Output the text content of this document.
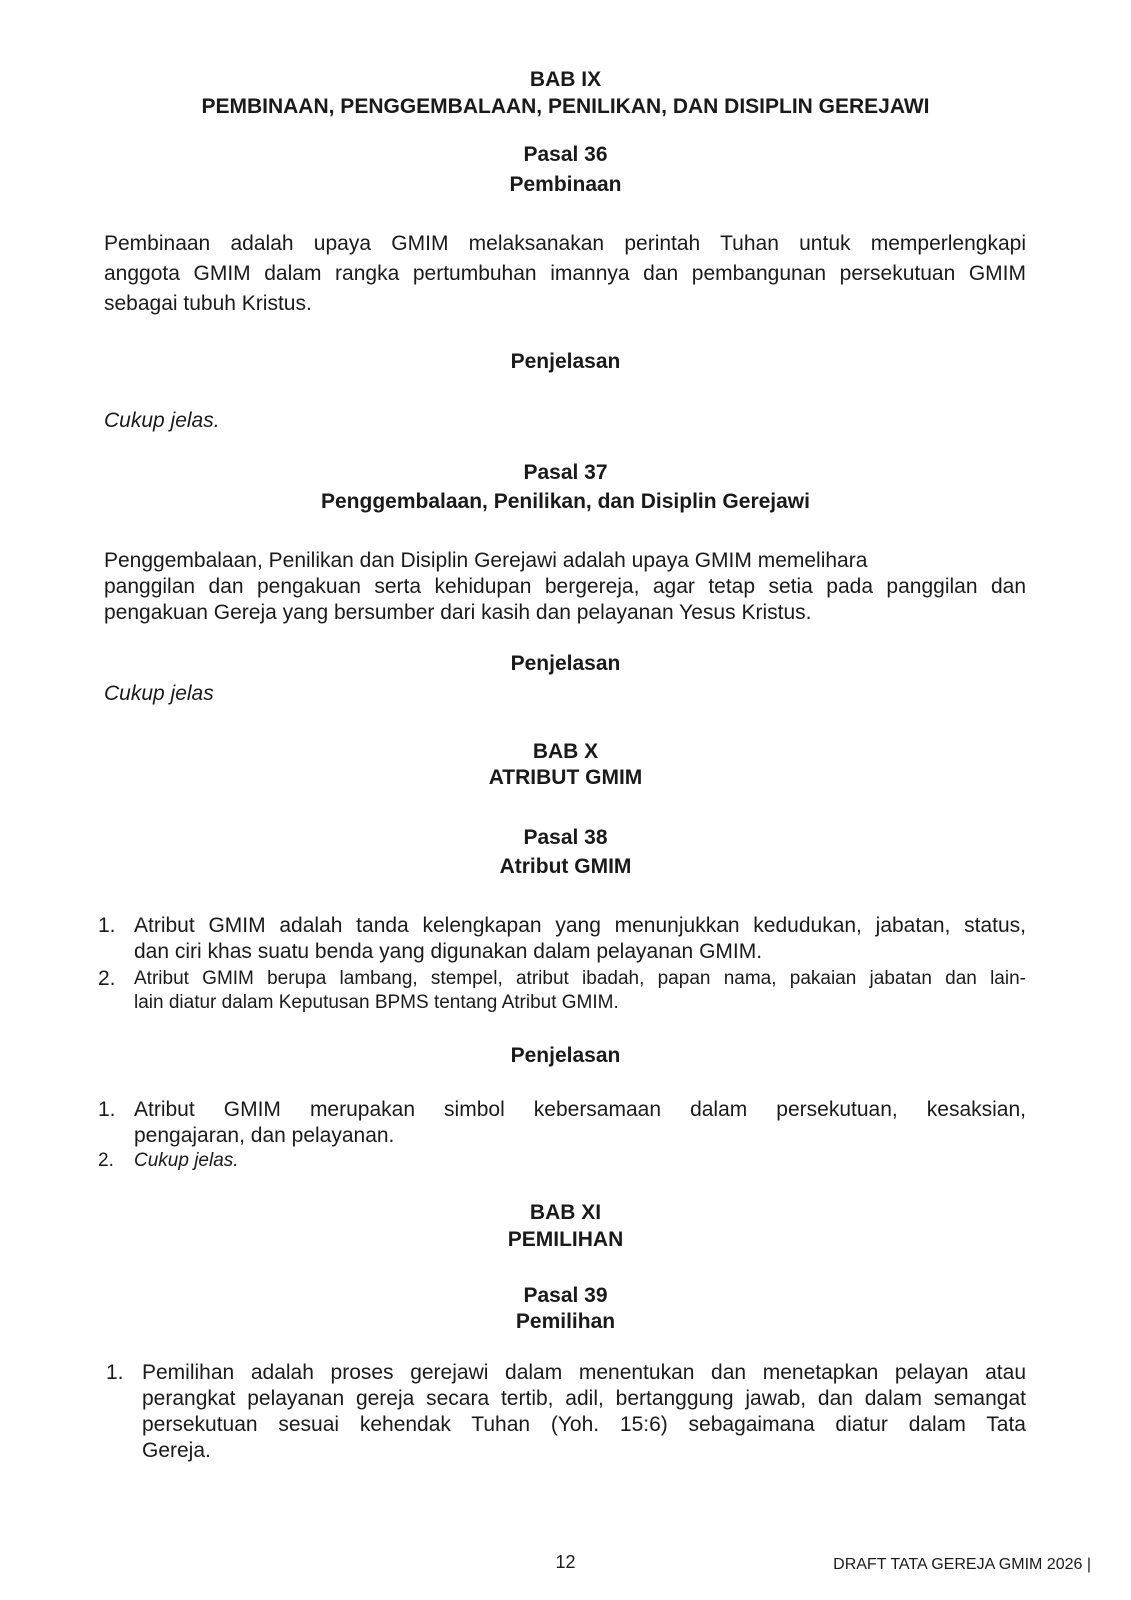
BAB IX
PEMBINAAN, PENGGEMBALAAN, PENILIKAN, DAN DISIPLIN GEREJAWI
Pasal 36
Pembinaan
Pembinaan adalah upaya GMIM melaksanakan perintah Tuhan untuk memperlengkapi
anggota GMIM dalam rangka pertumbuhan imannya dan pembangunan persekutuan GMIM
sebagai tubuh Kristus.
Penjelasan
Cukup jelas.
Pasal 37
Penggembalaan, Penilikan, dan Disiplin Gerejawi
Penggembalaan, Penilikan dan Disiplin Gerejawi adalah upaya GMIM memelihara
panggilan dan pengakuan serta kehidupan bergereja, agar tetap setia pada panggilan dan
pengakuan Gereja yang bersumber dari kasih dan pelayanan Yesus Kristus.
Penjelasan
Cukup jelas
BAB X
ATRIBUT GMIM
Pasal 38
Atribut GMIM
1. Atribut GMIM adalah tanda kelengkapan yang menunjukkan kedudukan, jabatan, status,
dan ciri khas suatu benda yang digunakan dalam pelayanan GMIM.
2. Atribut GMIM berupa lambang, stempel, atribut ibadah, papan nama, pakaian jabatan dan lain-
lain diatur dalam Keputusan BPMS tentang Atribut GMIM.
Penjelasan
1. Atribut GMIM merupakan simbol kebersamaan dalam persekutuan, kesaksian,
pengajaran, dan pelayanan.
2. Cukup jelas.
BAB XI
PEMILIHAN
Pasal 39
Pemilihan
1. Pemilihan adalah proses gerejawi dalam menentukan dan menetapkan pelayan atau
perangkat pelayanan gereja secara tertib, adil, bertanggung jawab, dan dalam semangat
persekutuan sesuai kehendak Tuhan (Yoh. 15:6) sebagaimana diatur dalam Tata
Gereja.
12	DRAFT TATA GEREJA GMIM 2026 |
